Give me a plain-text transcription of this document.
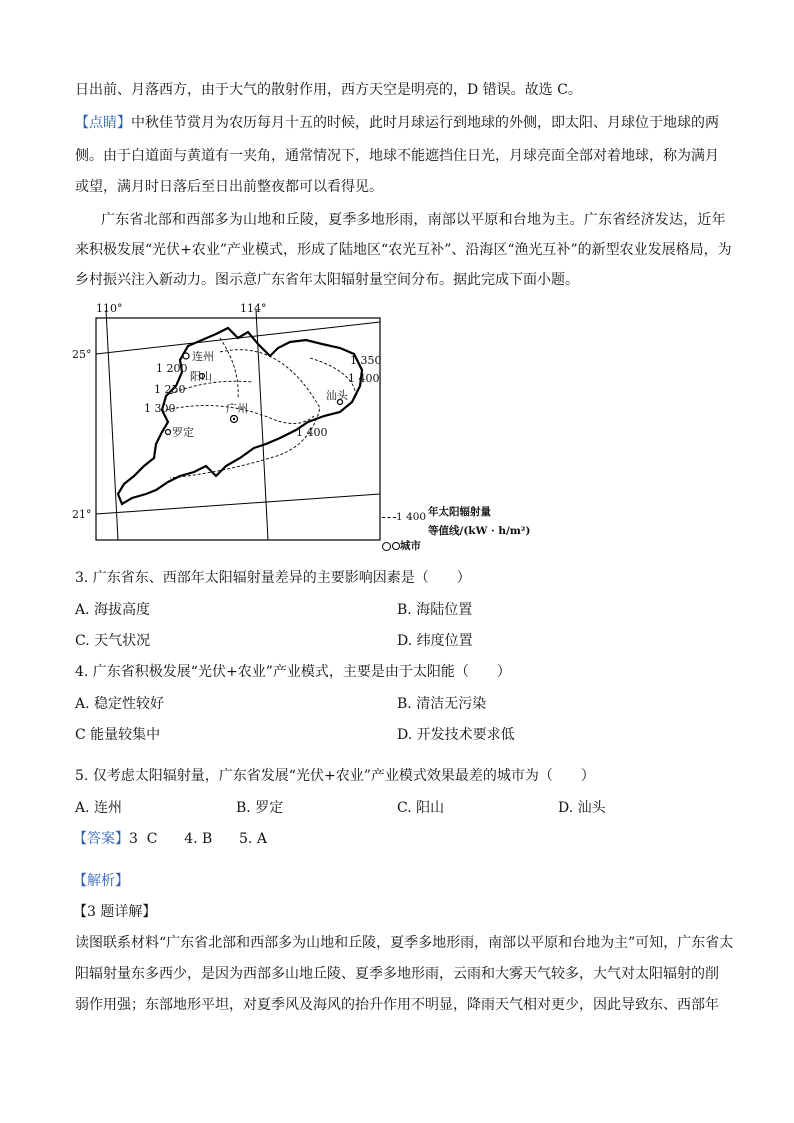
日出前、月落西方，由于大气的散射作用，西方天空是明亮的，D 错误。故选 C。
【点睛】中秋佳节赏月为农历每月十五的时候，此时月球运行到地球的外侧，即太阳、月球位于地球的两
侧。由于白道面与黄道有一夹角，通常情况下，地球不能遮挡住日光，月球亮面全部对着地球，称为满月
或望，满月时日落后至日出前整夜都可以看得见。
广东省北部和西部多为山地和丘陵，夏季多地形雨，南部以平原和台地为主。广东省经济发达，近年
来积极发展“光伏+农业”产业模式，形成了陆地区“农光互补”、沿海区“渔光互补”的新型农业发展格局，为
乡村振兴注入新动力。图示意广东省年太阳辐射量空间分布。据此完成下面小题。
1 200
1 250
1 300
1 350
1 400
1 400
连州
阳山
广州
罗定
汕头
110°	114°
25°
21°	1 400 年太阳辐射量
等值线/(kW · h/m²)
城市
3. 广东省东、西部年太阳辐射量差异的主要影响因素是（　　）
A. 海拔高度	B. 海陆位置
C. 天气状况	D. 纬度位置
4. 广东省积极发展“光伏+农业”产业模式，主要是由于太阳能（　　）
A. 稳定性较好	B. 清洁无污染
C 能量较集中	D. 开发技术要求低
5. 仅考虑太阳辐射量，广东省发展“光伏+农业”产业模式效果最差的城市为（　　）
A. 连州	B. 罗定	C. 阳山	D. 汕头
【答案】3  C      4. B      5. A
【解析】
【3 题详解】
读图联系材料“广东省北部和西部多为山地和丘陵，夏季多地形雨，南部以平原和台地为主”可知，广东省太
阳辐射量东多西少，是因为西部多山地丘陵、夏季多地形雨，云雨和大雾天气较多，大气对太阳辐射的削
弱作用强；东部地形平坦，对夏季风及海风的抬升作用不明显，降雨天气相对更少，因此导致东、西部年
